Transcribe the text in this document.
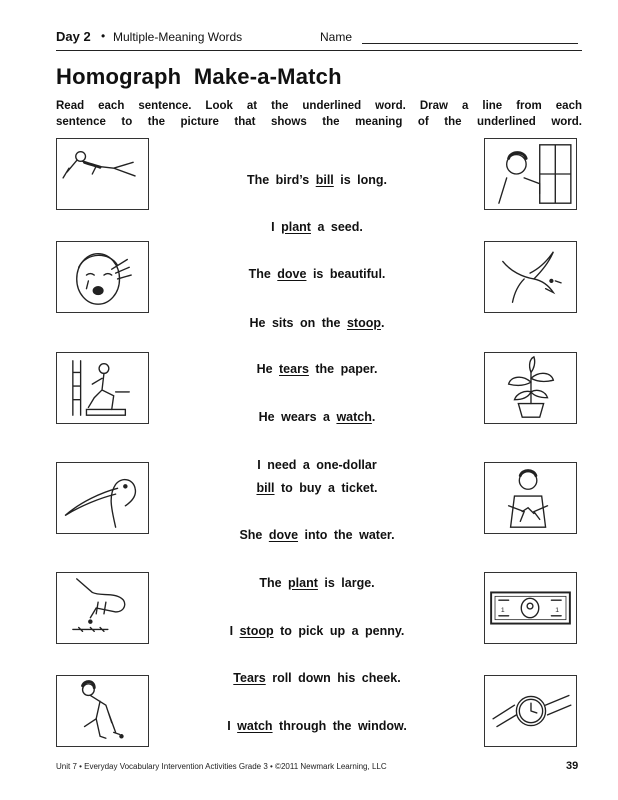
Day 2 • Multiple-Meaning Words	Name
Homograph  Make-a-Match
Read each sentence. Look at the underlined word. Draw a line from each
sentence to the picture that shows the meaning of the underlined word.
1	1
The bird’s bill is long.
I plant a seed.
The dove is beautiful.
He sits on the stoop.
He tears the paper.
He wears a watch.
I need a one-dollar
bill to buy a ticket.
She dove into the water.
The plant is large.
I stoop to pick up a penny.
Tears roll down his cheek.
I watch through the window.
Unit 7 • Everyday Vocabulary Intervention Activities Grade 3 • ©2011 Newmark Learning, LLC	39
